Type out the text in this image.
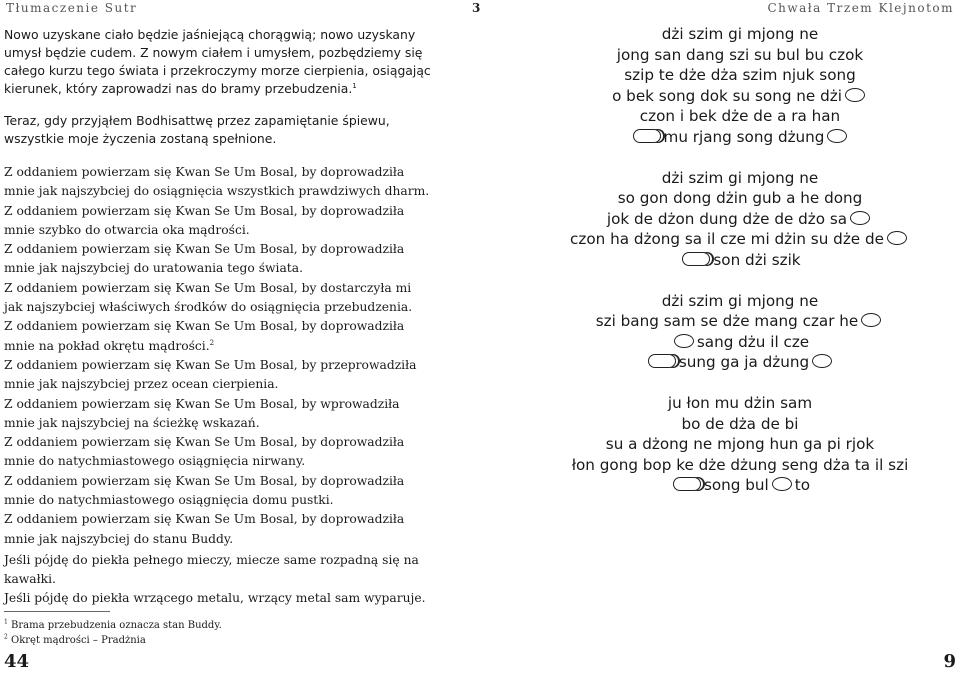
Tłumaczenie Sutr	3	Chwała Trzem Klejnotom

Nowo uzyskane ciało będzie jaśniejącą chorągwią; nowo uzyskany umysł będzie cudem. Z nowym ciałem i umysłem, pozbędziemy się całego kurzu tego świata i przekroczymy morze cierpienia, osiągając kierunek, który zaprowadzi nas do bramy przebudzenia.$^1$

Teraz, gdy przyjąłem Bodhisattwę przez zapamiętanie śpiewu, wszystkie moje życzenia zostaną spełnione.

Z oddaniem powierzam się Kwan Se Um Bosal, by doprowadziła mnie jak najszybciej do osiągnięcia wszystkich prawdziwych dharm.

Z oddaniem powierzam się Kwan Se Um Bosal, by doprowadziła mnie szybko do otwarcia oka mądrości.

Z oddaniem powierzam się Kwan Se Um Bosal, by doprowadziła mnie jak najszybciej do uratowania tego świata.

Z oddaniem powierzam się Kwan Se Um Bosal, by dostarczyła mi jak najszybciej właściwych środków do osiągnięcia przebudzenia.

Z oddaniem powierzam się Kwan Se Um Bosal, by doprowadziła mnie na pokład okrętu mądrości.$^2$

Z oddaniem powierzam się Kwan Se Um Bosal, by przeprowadziła mnie jak najszybciej przez ocean cierpienia.

Z oddaniem powierzam się Kwan Se Um Bosal, by wprowadziła mnie jak najszybciej na ścieżkę wskazań.

Z oddaniem powierzam się Kwan Se Um Bosal, by doprowadziła mnie do natychmiastowego osiągnięcia nirwany.

Z oddaniem powierzam się Kwan Se Um Bosal, by doprowadziła mnie do natychmiastowego osiągnięcia domu pustki.

Z oddaniem powierzam się Kwan Se Um Bosal, by doprowadziła mnie jak najszybciej do stanu Buddy.

Jeśli pójdę do piekła pełnego mieczy, miecze same rozpadną się na kawałki.

Jeśli pójdę do piekła wrzącego metalu, wrzący metal sam wyparuje.

$^1$ Brama przebudzenia oznacza stan Buddy.
$^2$ Okręt mądrości – Pradżnia
44	9
dżi szim gi mjong ne
jong san dang szi su bul bu czok
szip te dże dża szim njuk song
o bek song dok su song ne dżi
czon i bek dże de a ra han
mu rjang song dżung
dżi szim gi mjong ne
so gon dong dżin gub a he dong
jok de dżon dung dże de dżo sa
czon ha dżong sa il cze mi dżin su dże de
son dżi szik
dżi szim gi mjong ne
szi bang sam se dże mang czar he
sang dżu il cze
sung ga ja dżung
ju łon mu dżin sam
bo de dża de bi
su a dżong ne mjong hun ga pi rjok
łon gong bop ke dże dżung seng dża ta il szi
song bul to
